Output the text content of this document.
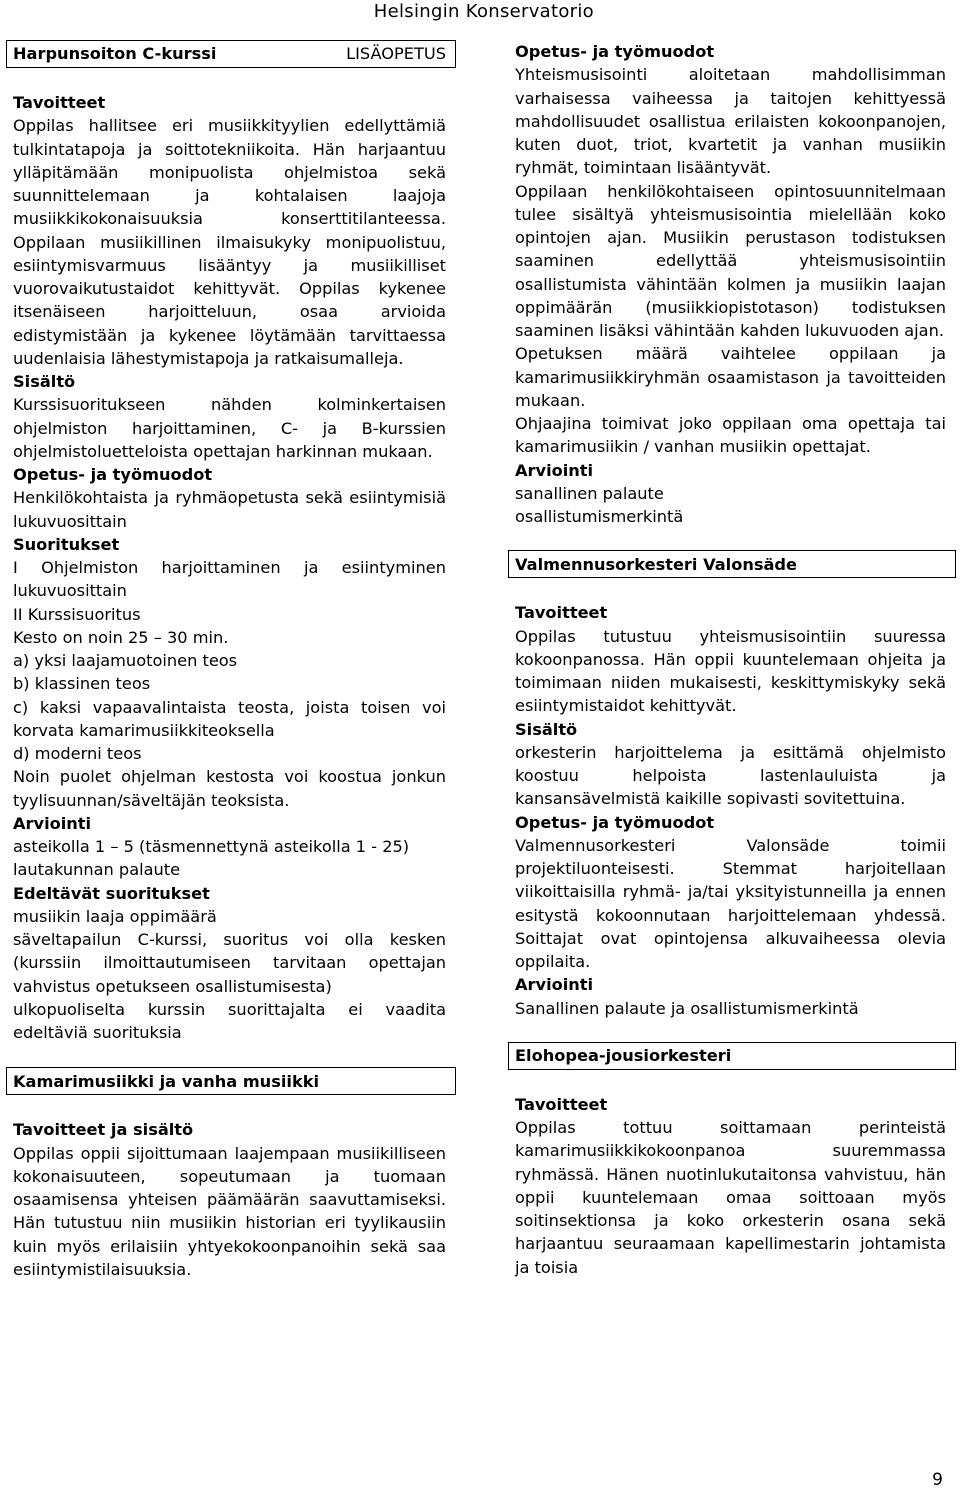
Helsingin Konservatorio
Harpunsoiton C-kurssi	LISÄOPETUS

Tavoitteet

Oppilas hallitsee eri musiikkityylien edellyttämiä tulkintatapoja ja soittotekniikoita. Hän harjaantuu ylläpitämään monipuolista ohjelmistoa sekä suunnittelemaan ja kohtalaisen laajoja musiikkikokonaisuuksia konserttitilanteessa. Oppilaan musiikillinen ilmaisukyky monipuolistuu, esiintymisvarmuus lisääntyy ja musiikilliset vuorovaikutustaidot kehittyvät. Oppilas kykenee itsenäiseen harjoitteluun, osaa arvioida edistymistään ja kykenee löytämään tarvittaessa uudenlaisia lähestymistapoja ja ratkaisumalleja.

Sisältö

Kurssisuoritukseen nähden kolminkertaisen ohjelmiston harjoittaminen, C- ja B-kurssien ohjelmistoluetteloista opettajan harkinnan mukaan.

Opetus- ja työmuodot

Henkilökohtaista ja ryhmäopetusta sekä esiintymisiä lukuvuosittain

Suoritukset

I Ohjelmiston harjoittaminen ja esiintyminen lukuvuosittain

II Kurssisuoritus

Kesto on noin 25 – 30 min.

a) yksi laajamuotoinen teos

b) klassinen teos

c) kaksi vapaavalintaista teosta, joista toisen voi korvata kamarimusiikkiteoksella

d) moderni teos

Noin puolet ohjelman kestosta voi koostua jonkun tyylisuunnan/säveltäjän teoksista.

Arviointi

asteikolla 1 – 5 (täsmennettynä asteikolla 1 - 25)

lautakunnan palaute

Edeltävät suoritukset

musiikin laaja oppimäärä

säveltapailun C-kurssi, suoritus voi olla kesken (kurssiin ilmoittautumiseen tarvitaan opettajan vahvistus opetukseen osallistumisesta)

ulkopuoliselta kurssin suorittajalta ei vaadita edeltäviä suorituksia

Kamarimusiikki ja vanha musiikki

Tavoitteet ja sisältö

Oppilas oppii sijoittumaan laajempaan musiikilliseen kokonaisuuteen, sopeutumaan ja tuomaan osaamisensa yhteisen päämäärän saavuttamiseksi. Hän tutustuu niin musiikin historian eri tyylikausiin kuin myös erilaisiin yhtyekokoonpanoihin sekä saa esiintymistilaisuuksia.

Opetus- ja työmuodot

Yhteismusisointi aloitetaan mahdollisimman varhaisessa vaiheessa ja taitojen kehittyessä mahdollisuudet osallistua erilaisten kokoonpanojen, kuten duot, triot, kvartetit ja vanhan musiikin ryhmät, toimintaan lisääntyvät.

Oppilaan henkilökohtaiseen opintosuunnitelmaan tulee sisältyä yhteismusisointia mielellään koko opintojen ajan. Musiikin perustason todistuksen saaminen edellyttää yhteismusisointiin osallistumista vähintään kolmen ja musiikin laajan oppimäärän (musiikkiopistotason) todistuksen saaminen lisäksi vähintään kahden lukuvuoden ajan.

Opetuksen määrä vaihtelee oppilaan ja kamarimusiikkiryhmän osaamistason ja tavoitteiden mukaan.

Ohjaajina toimivat joko oppilaan oma opettaja tai kamarimusiikin / vanhan musiikin opettajat.

Arviointi

sanallinen palaute

osallistumismerkintä

Valmennusorkesteri Valonsäde

Tavoitteet

Oppilas tutustuu yhteismusisointiin suuressa kokoonpanossa. Hän oppii kuuntelemaan ohjeita ja toimimaan niiden mukaisesti, keskittymiskyky sekä esiintymistaidot kehittyvät.

Sisältö

orkesterin harjoittelema ja esittämä ohjelmisto koostuu helpoista lastenlauluista ja kansansävelmistä kaikille sopivasti sovitettuina.

Opetus- ja työmuodot

Valmennusorkesteri Valonsäde toimii projektiluonteisesti. Stemmat harjoitellaan viikoittaisilla ryhmä- ja/tai yksityistunneilla ja ennen esitystä kokoonnutaan harjoittelemaan yhdessä. Soittajat ovat opintojensa alkuvaiheessa olevia oppilaita.

Arviointi

Sanallinen palaute ja osallistumismerkintä

Elohopea-jousiorkesteri

Tavoitteet

Oppilas tottuu soittamaan perinteistä kamarimusiikkikokoonpanoa suuremmassa ryhmässä. Hänen nuotinlukutaitonsa vahvistuu, hän oppii kuuntelemaan omaa soittoaan myös soitinsektionsa ja koko orkesterin osana sekä harjaantuu seuraamaan kapellimestarin johtamista ja toisia

9
